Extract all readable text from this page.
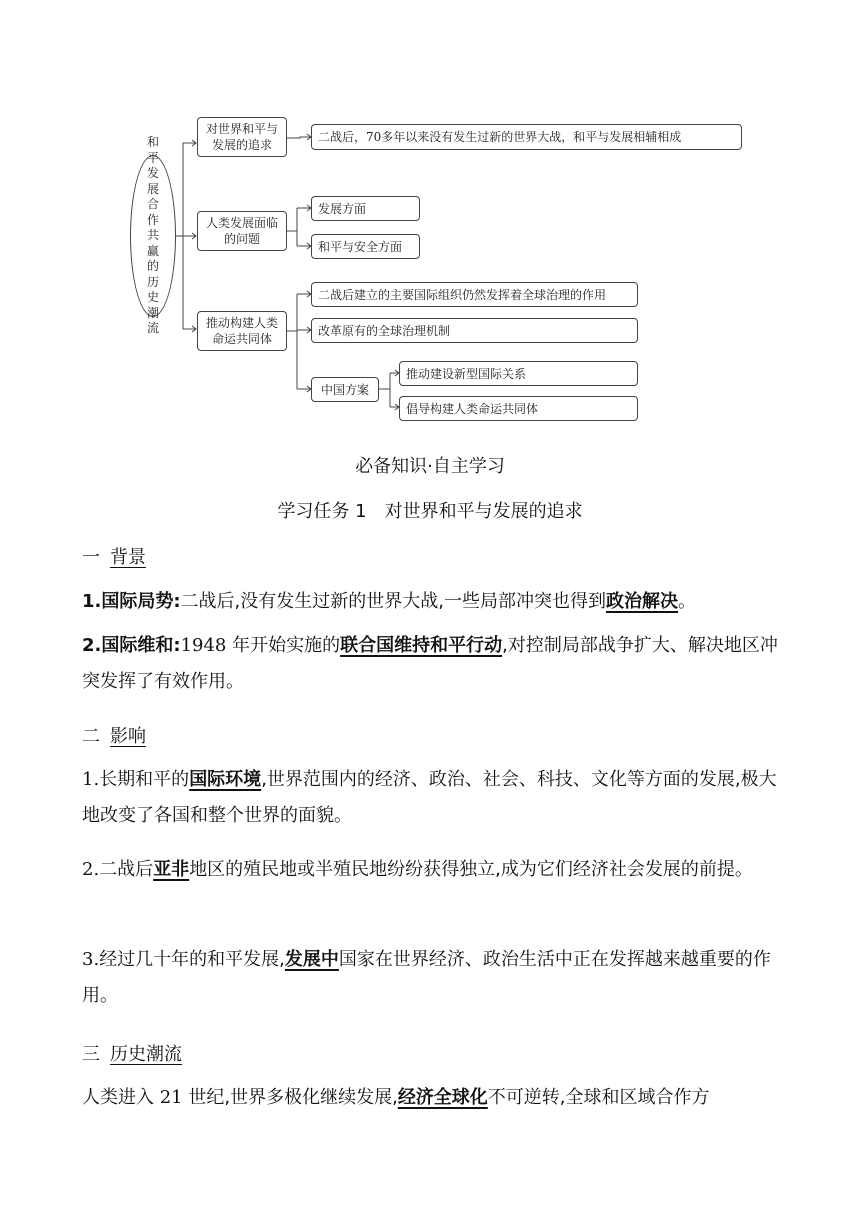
和平发展合作共赢的历史潮流
对世界和平与发展的追求
二战后，70多年以来没有发生过新的世界大战，和平与发展相辅相成
人类发展面临的问题
发展方面
和平与安全方面
推动构建人类命运共同体
二战后建立的主要国际组织仍然发挥着全球治理的作用
改革原有的全球治理机制
中国方案
推动建设新型国际关系
倡导构建人类命运共同体
必备知识·自主学习
学习任务 1　对世界和平与发展的追求
一 背景

1.国际局势:二战后,没有发生过新的世界大战,一些局部冲突也得到政治解决。

2.国际维和:1948 年开始实施的联合国维持和平行动,对控制局部战争扩大、解决地区冲突发挥了有效作用。

二 影响

1.长期和平的国际环境,世界范围内的经济、政治、社会、科技、文化等方面的发展,极大地改变了各国和整个世界的面貌。

2.二战后亚非地区的殖民地或半殖民地纷纷获得独立,成为它们经济社会发展的前提。

3.经过几十年的和平发展,发展中国家在世界经济、政治生活中正在发挥越来越重要的作用。

三 历史潮流

人类进入 21 世纪,世界多极化继续发展,经济全球化不可逆转,全球和区域合作方
